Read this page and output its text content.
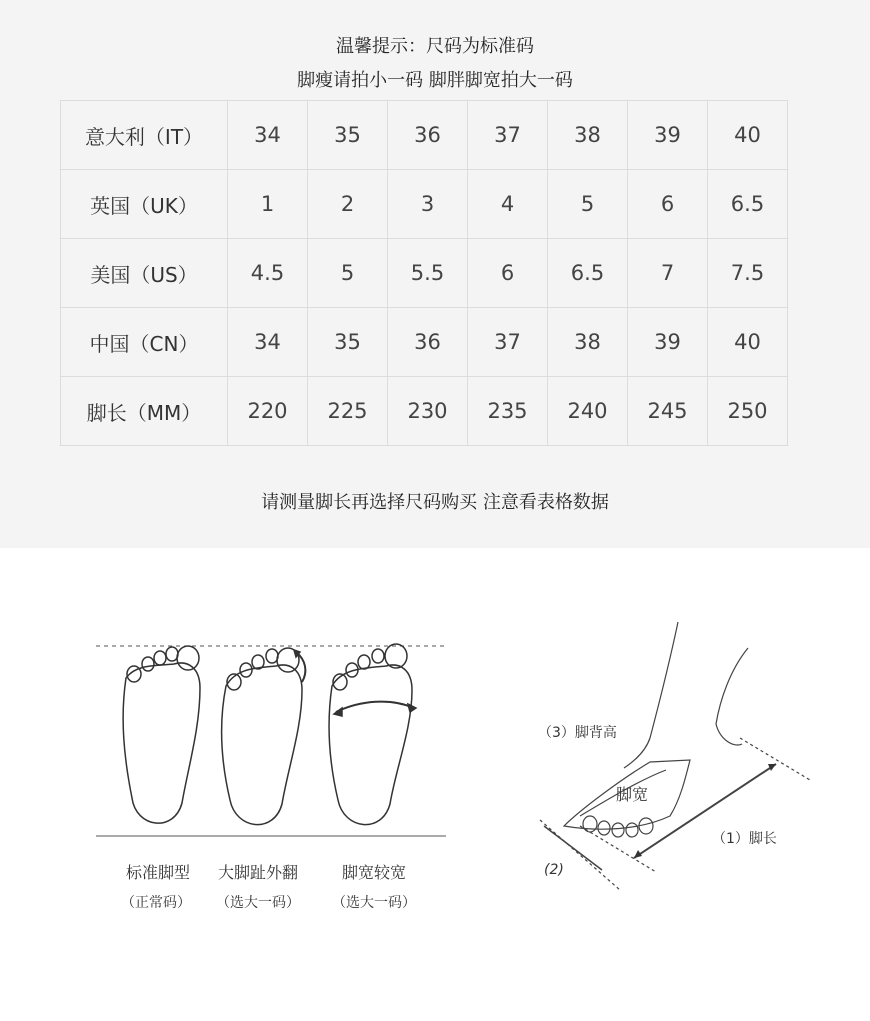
温馨提示：尺码为标准码
脚瘦请拍小一码 脚胖脚宽拍大一码
意大利（IT）	34	35	36	37	38	39	40
英国（UK）	1	2	3	4	5	6	6.5
美国（US）	4.5	5	5.5	6	6.5	7	7.5
中国（CN）	34	35	36	37	38	39	40
脚长（MM）	220	225	230	235	240	245	250
请测量脚长再选择尺码购买 注意看表格数据
标准脚型	大脚趾外翻	脚宽较宽
（正常码）	（选大一码）	（选大一码）
（3）脚背高
脚宽
（1）脚长
(2)
